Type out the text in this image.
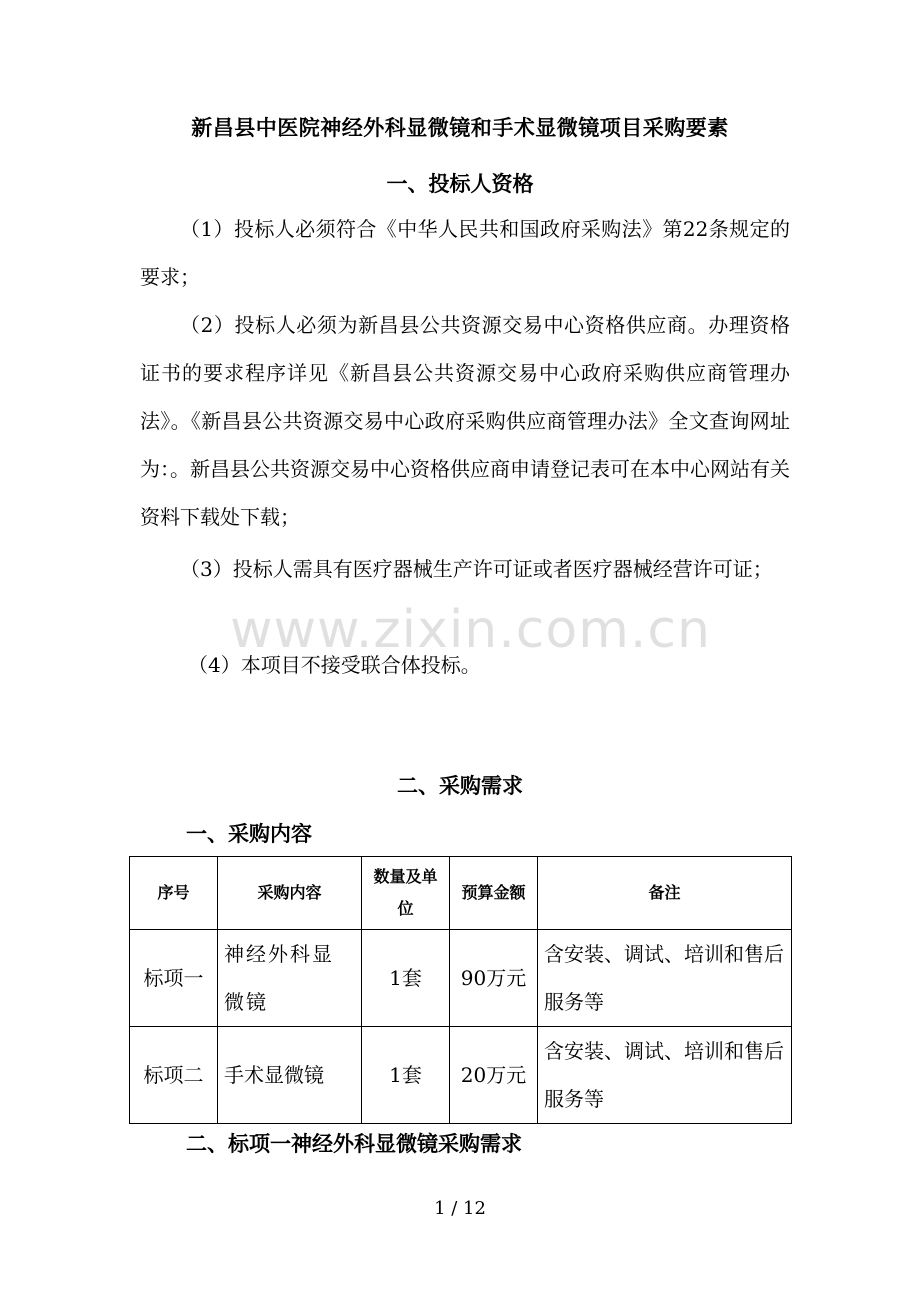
新昌县中医院神经外科显微镜和手术显微镜项目采购要素
一、投标人资格
（1）投标人必须符合《中华人民共和国政府采购法》第22条规定的要求；
（2）投标人必须为新昌县公共资源交易中心资格供应商。办理资格证书的要求程序详见《新昌县公共资源交易中心政府采购供应商管理办法》。《新昌县公共资源交易中心政府采购供应商管理办法》全文查询网址为：。新昌县公共资源交易中心资格供应商申请登记表可在本中心网站有关资料下载处下载；
（3）投标人需具有医疗器械生产许可证或者医疗器械经营许可证；
（4）本项目不接受联合体投标。
二、采购需求
一、采购内容
序号	采购内容	数量及单位	预算金额	备注
标项一	神经外科显微镜	1套	90万元	含安装、调试、培训和售后服务等
标项二	手术显微镜	1套	20万元	含安装、调试、培训和售后服务等
二、标项一神经外科显微镜采购需求
1 / 12
www.zixin.com.cn
